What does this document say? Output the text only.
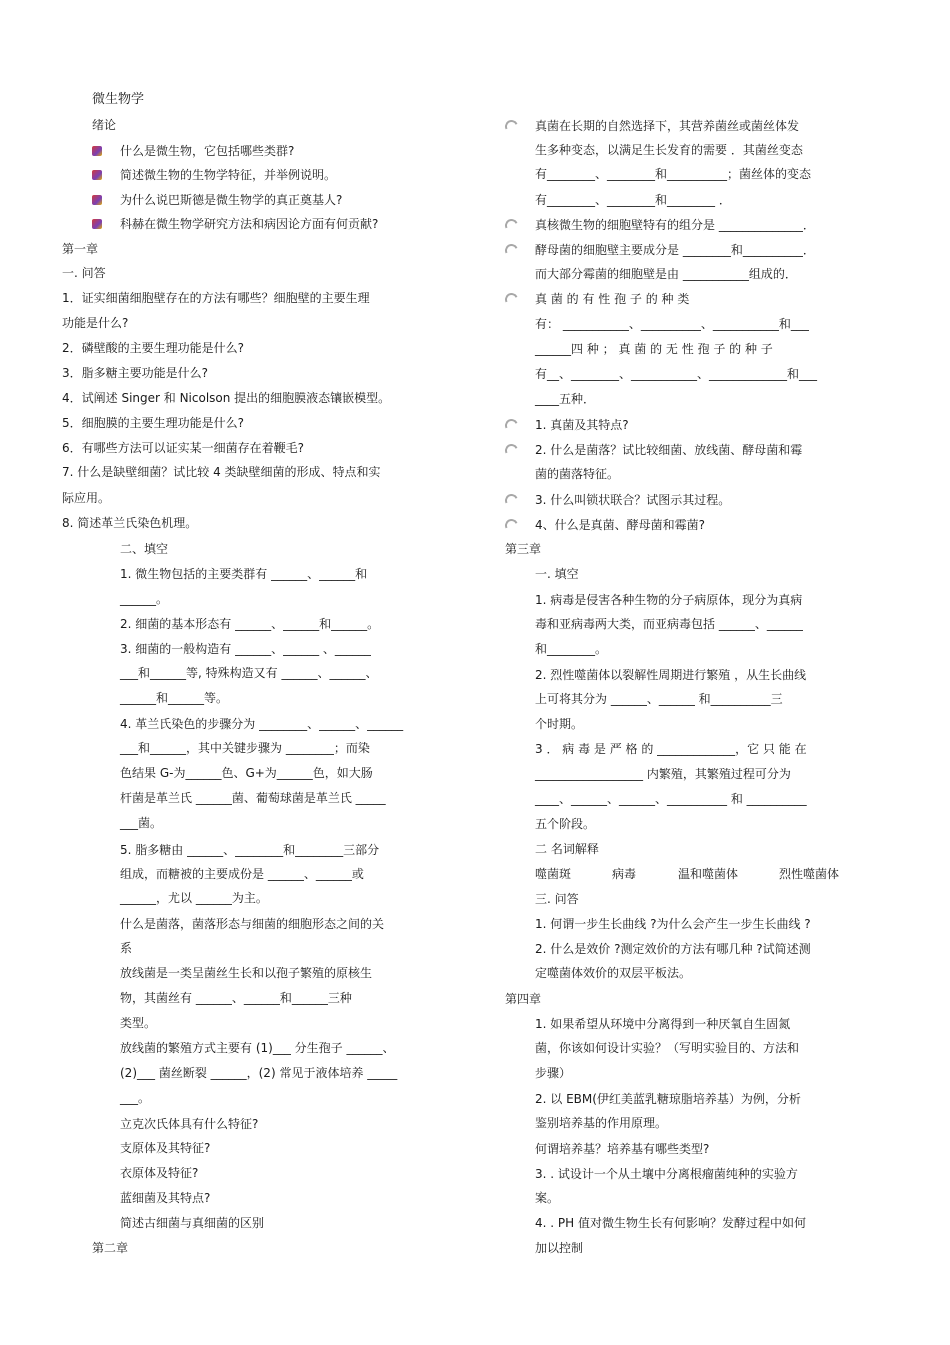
微生物学
绪论
什么是微生物，它包括哪些类群?
简述微生物的生物学特征，并举例说明。
为什么说巴斯德是微生物学的真正奠基人?
科赫在微生物学研究方法和病因论方面有何贡献?
第一章
一. 问答
1．证实细菌细胞壁存在的方法有哪些？细胞壁的主要生理
功能是什么?
2．磷壁酸的主要生理功能是什么?
3．脂多糖主要功能是什么?
4．试阐述 Singer 和 Nicolson 提出的细胞膜液态镶嵌模型。
5．细胞膜的主要生理功能是什么?
6．有哪些方法可以证实某一细菌存在着鞭毛?
7. 什么是缺壁细菌？试比较 4 类缺壁细菌的形成、特点和实
际应用。
8. 简述革兰氏染色机理。
二、填空
1. 微生物包括的主要类群有 ______、______和
______。
2. 细菌的基本形态有 ______、______和______。
3. 细菌的一般构造有 ______、______ 、______
___和______等, 特殊构造又有 ______、______、
______和______等。
4. 革兰氏染色的步骤分为 ________、______、______
___和______，其中关键步骤为 ________；而染
色结果 G-为______色、G+为______色，如大肠
杆菌是革兰氏 ______菌、葡萄球菌是革兰氏 _____
___菌。
5. 脂多糖由 ______、________和________三部分
组成，而糖被的主要成份是 ______、______或
______，尤以 ______为主。
什么是菌落，菌落形态与细菌的细胞形态之间的关
系
放线菌是一类呈菌丝生长和以孢子繁殖的原核生
物，其菌丝有 ______、______和______三种
类型。
放线菌的繁殖方式主要有 (1)___ 分生孢子 ______、
(2)___ 菌丝断裂 ______，(2) 常见于液体培养 _____
___。
立克次氏体具有什么特征?
支原体及其特征?
衣原体及特征?
蓝细菌及其特点?
简述古细菌与真细菌的区别
第二章
真菌在长期的自然选择下，其营养菌丝或菌丝体发
生多种变态，以满足生长发育的需要 ．其菌丝变态
有________、________和__________；菌丝体的变态
有________、________和________ ．
真核微生物的细胞壁特有的组分是 ______________．
酵母菌的细胞壁主要成分是 ________和__________．
而大部分霉菌的细胞壁是由 ___________组成的．
真 菌 的 有 性 孢 子 的 种 类
有： ___________、__________、___________和___
______四 种 ； 真 菌 的 无 性 孢 子 的 种 子
有__、________、___________、_____________和___
____五种．
1. 真菌及其特点?
2. 什么是菌落？试比较细菌、放线菌、酵母菌和霉
菌的菌落特征。
3. 什么叫锁状联合？试图示其过程。
4、什么是真菌、酵母菌和霉菌?
第三章
一. 填空
1. 病毒是侵害各种生物的分子病原体，现分为真病
毒和亚病毒两大类，而亚病毒包括 ______、______
和________。
2. 烈性噬菌体以裂解性周期进行繁殖 ，从生长曲线
上可将其分为 ______、______ 和__________三
个时期。
3 ． 病 毒 是 严 格 的 _____________，它 只 能 在
__________________ 内繁殖，其繁殖过程可分为
____、______、______、__________ 和 __________
五个阶段。
二 名词解释
噬菌斑	病毒	温和噬菌体	烈性噬菌体
三. 问答
1. 何谓一步生长曲线 ?为什么会产生一步生长曲线 ?
2. 什么是效价 ?测定效价的方法有哪几种 ?试简述测
定噬菌体效价的双层平板法。
第四章
1. 如果希望从环境中分离得到一种厌氧自生固氮
菌，你该如何设计实验？（写明实验目的、方法和
步骤）
2. 以 EBM(伊红美蓝乳糖琼脂培养基）为例，分析
鉴别培养基的作用原理。
何谓培养基？培养基有哪些类型?
3. . 试设计一个从土壤中分离根瘤菌纯种的实验方
案。
4. . PH 值对微生物生长有何影响？发酵过程中如何
加以控制
